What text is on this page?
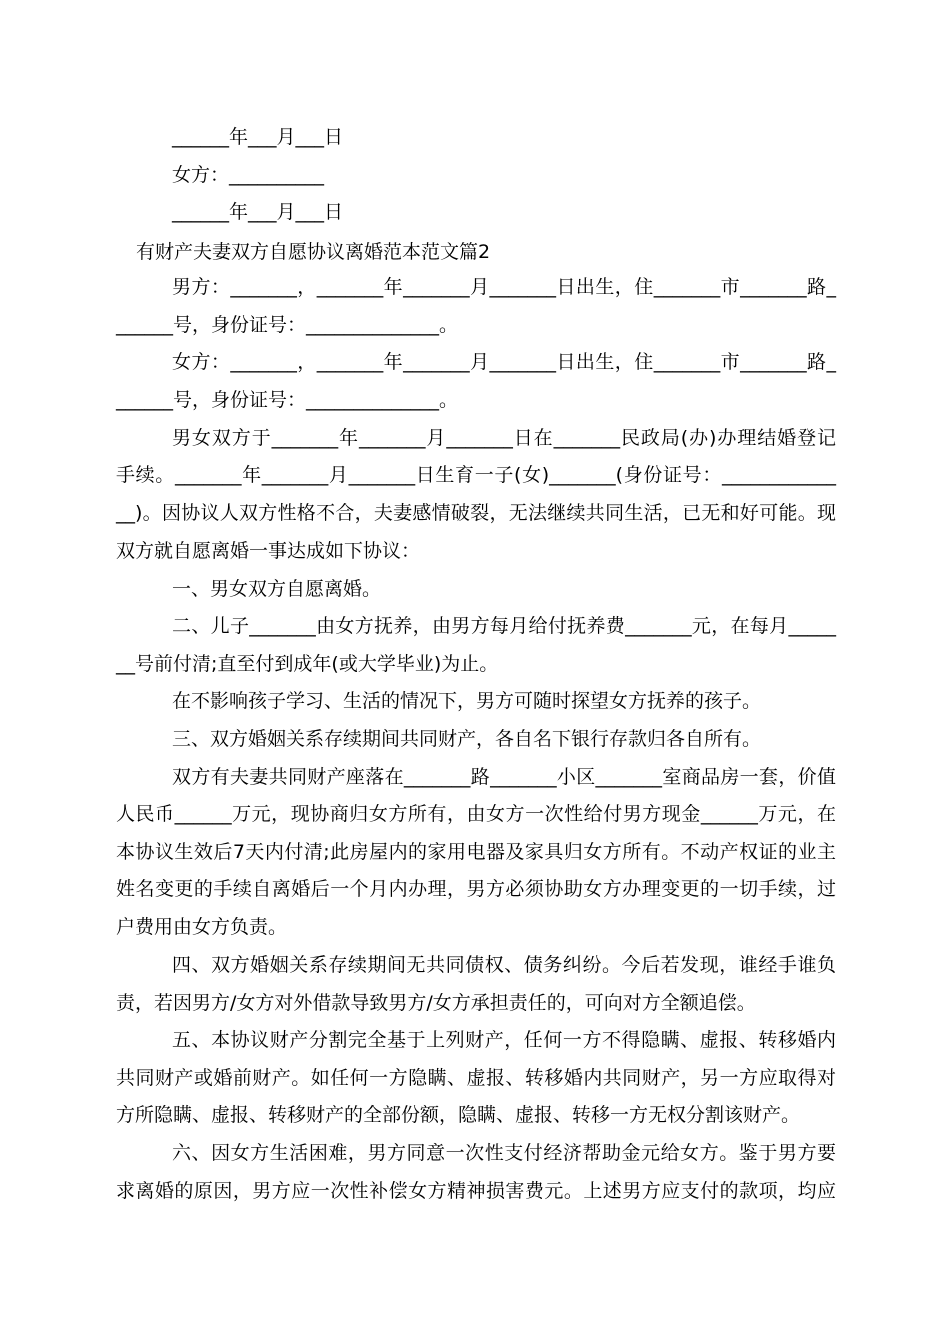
______年___月___日
女方：__________
______年___月___日
有财产夫妻双方自愿协议离婚范本范文篇2
男方：_______，_______年_______月_______日出生，住_______市_______路_
______号，身份证号：______________。
女方：_______，_______年_______月_______日出生，住_______市_______路_
______号，身份证号：______________。
男女双方于_______年_______月_______日在_______民政局(办)办理结婚登记
手续。_______年_______月_______日生育一子(女)_______(身份证号：____________
__)。因协议人双方性格不合，夫妻感情破裂，无法继续共同生活，已无和好可能。现
双方就自愿离婚一事达成如下协议：
一、男女双方自愿离婚。
二、儿子_______由女方抚养，由男方每月给付抚养费_______元，在每月_____
__号前付清;直至付到成年(或大学毕业)为止。
在不影响孩子学习、生活的情况下，男方可随时探望女方抚养的孩子。
三、双方婚姻关系存续期间共同财产，各自名下银行存款归各自所有。
双方有夫妻共同财产座落在_______路_______小区_______室商品房一套，价值
人民币______万元，现协商归女方所有，由女方一次性给付男方现金______万元，在
本协议生效后7天内付清;此房屋内的家用电器及家具归女方所有。不动产权证的业主
姓名变更的手续自离婚后一个月内办理，男方必须协助女方办理变更的一切手续，过
户费用由女方负责。
四、双方婚姻关系存续期间无共同债权、债务纠纷。今后若发现，谁经手谁负
责，若因男方/女方对外借款导致男方/女方承担责任的，可向对方全额追偿。
五、本协议财产分割完全基于上列财产，任何一方不得隐瞒、虚报、转移婚内
共同财产或婚前财产。如任何一方隐瞒、虚报、转移婚内共同财产，另一方应取得对
方所隐瞒、虚报、转移财产的全部份额，隐瞒、虚报、转移一方无权分割该财产。
六、因女方生活困难，男方同意一次性支付经济帮助金元给女方。鉴于男方要
求离婚的原因，男方应一次性补偿女方精神损害费元。上述男方应支付的款项，均应
